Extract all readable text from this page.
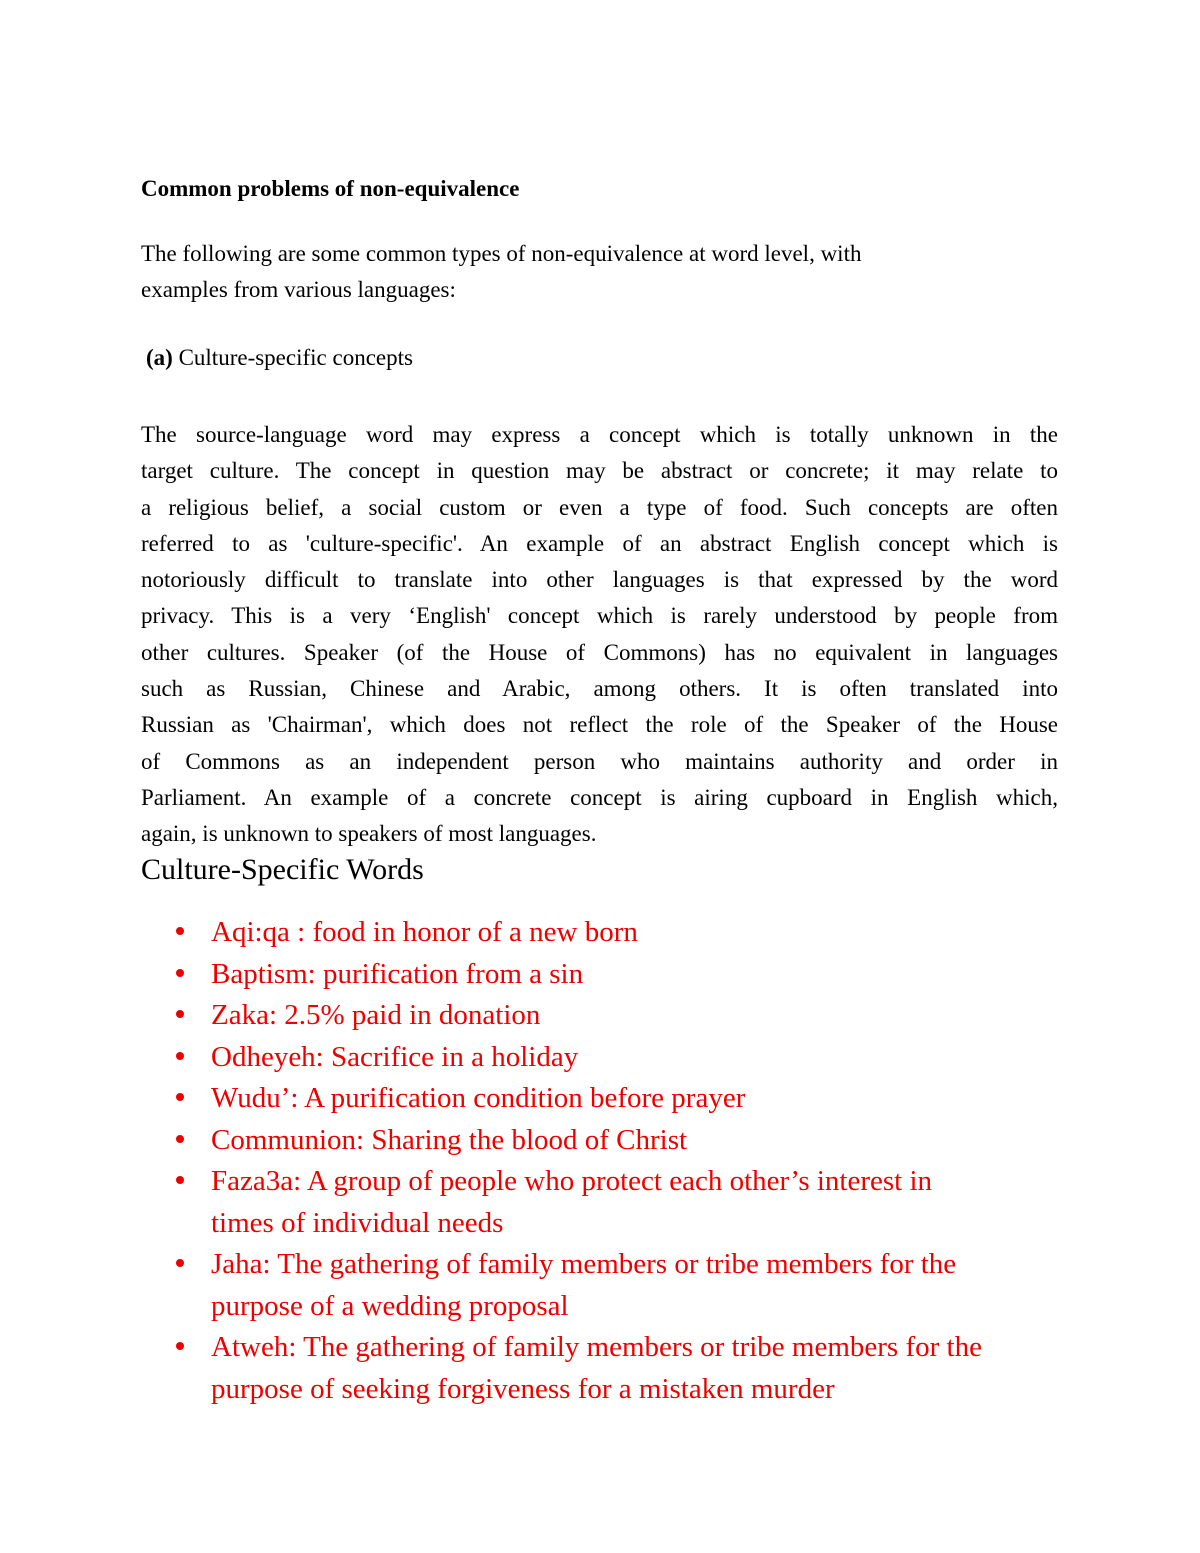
Common problems of non-equivalence

The following are some common types of non-equivalence at word level, with

examples from various languages:

(a) Culture-specific concepts
The source-language word may express a concept which is totally unknown in the
target culture. The concept in question may be abstract or concrete; it may relate to
a religious belief, a social custom or even a type of food. Such concepts are often
referred to as 'culture-specific'. An example of an abstract English concept which is
notoriously difficult to translate into other languages is that expressed by the word
privacy. This is a very ‘English' concept which is rarely understood by people from
other cultures. Speaker (of the House of Commons) has no equivalent in languages
such as Russian, Chinese and Arabic, among others. It is often translated into
Russian as 'Chairman', which does not reflect the role of the Speaker of the House
of Commons as an independent person who maintains authority and order in
Parliament. An example of a concrete concept is airing cupboard in English which,
again, is unknown to speakers of most languages.
Culture-Specific Words
Aqi:qa : food in honor of a new born
Baptism: purification from a sin
Zaka: 2.5% paid in donation
Odheyeh: Sacrifice in a holiday
Wudu’: A purification condition before prayer
Communion: Sharing the blood of Christ
Faza3a: A group of people who protect each other’s interest in
times of individual needs
Jaha: The gathering of family members or tribe members for the
purpose of a wedding proposal
Atweh: The gathering of family members or tribe members for the
purpose of seeking forgiveness for a mistaken murder
